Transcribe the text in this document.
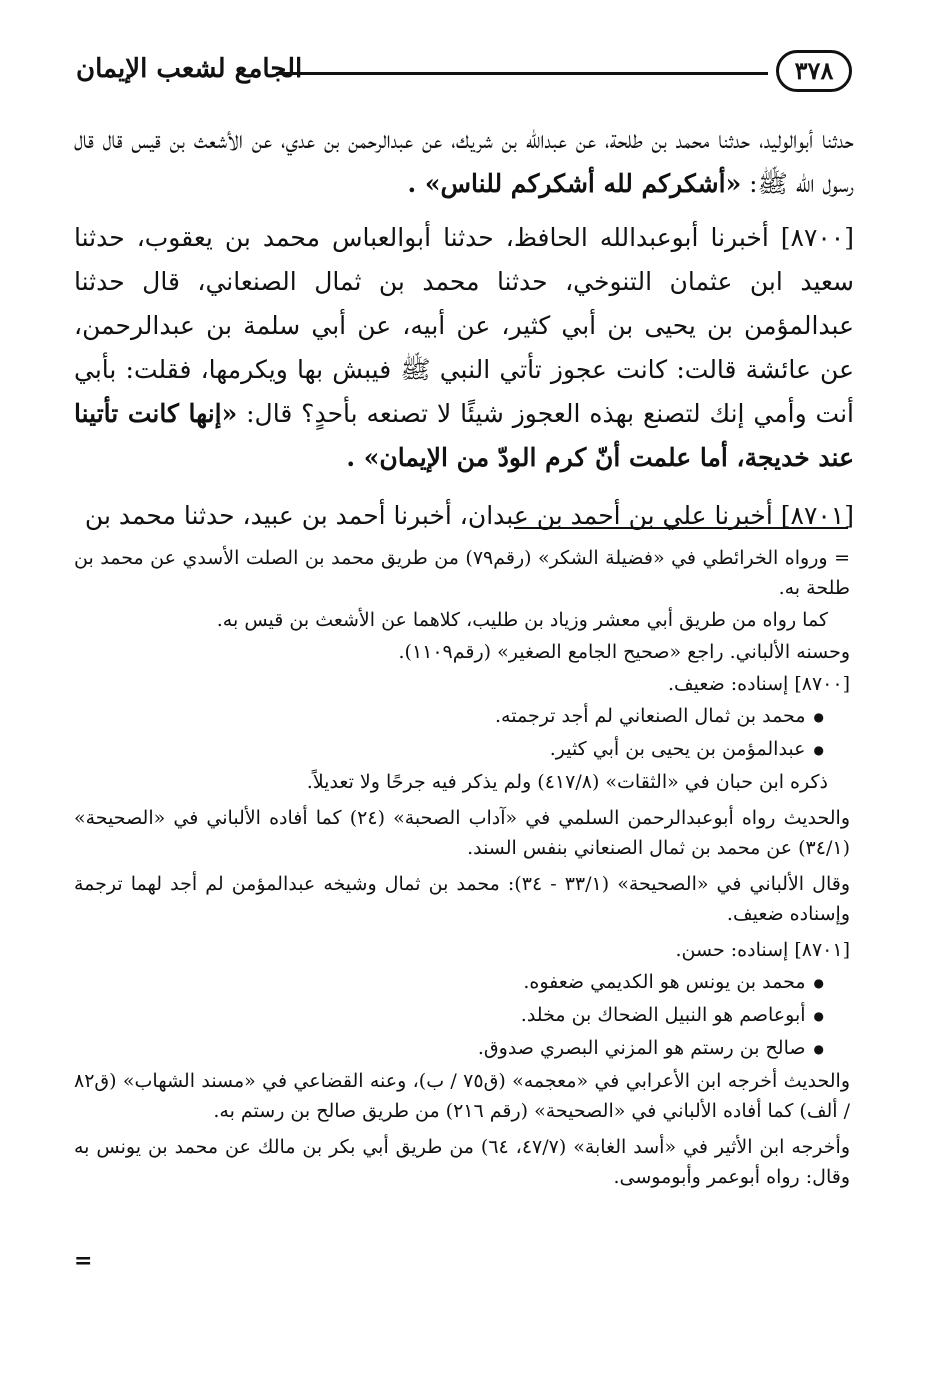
الجامع لشعب الإيمان	٣٧٨

حدثنا أبوالوليد، حدثنا محمد بن طلحة، عن عبدالله بن شريك، عن عبدالرحمن بن عدي، عن الأشعث بن قيس قال قال رسول الله ﷺ: «أشكركم لله أشكركم للناس» .

[٨٧٠٠] أخبرنا أبوعبدالله الحافظ، حدثنا أبوالعباس محمد بن يعقوب، حدثنا سعيد ابن عثمان التنوخي، حدثنا محمد بن ثمال الصنعاني، قال حدثنا عبدالمؤمن بن يحيى بن أبي كثير، عن أبيه، عن أبي سلمة بن عبدالرحمن، عن عائشة قالت: كانت عجوز تأتي النبي ﷺ فيبش بها ويكرمها، فقلت: بأبي أنت وأمي إنك لتصنع بهذه العجوز شيئًا لا تصنعه بأحدٍ؟ قال: «إنها كانت تأتينا عند خديجة، أما علمت أنّ كرم الودّ من الإيمان» .

[٨٧٠١] أخبرنا علي بن أحمد بن عبدان، أخبرنا أحمد بن عبيد، حدثنا محمد بن

= ورواه الخرائطي في «فضيلة الشكر» (رقم٧٩) من طريق محمد بن الصلت الأسدي عن محمد بن طلحة به.

كما رواه من طريق أبي معشر وزياد بن طليب، كلاهما عن الأشعث بن قيس به.

وحسنه الألباني. راجع «صحيح الجامع الصغير» (رقم١١٠٩).

[٨٧٠٠] إسناده: ضعيف.

● محمد بن ثمال الصنعاني لم أجد ترجمته.

● عبدالمؤمن بن يحيى بن أبي كثير.

ذكره ابن حبان في «الثقات» (٤١٧/٨) ولم يذكر فيه جرحًا ولا تعديلاً.

والحديث رواه أبوعبدالرحمن السلمي في «آداب الصحبة» (٢٤) كما أفاده الألباني في «الصحيحة» (٣٤/١) عن محمد بن ثمال الصنعاني بنفس السند.

وقال الألباني في «الصحيحة» (٣٣/١ - ٣٤): محمد بن ثمال وشيخه عبدالمؤمن لم أجد لهما ترجمة وإسناده ضعيف.

[٨٧٠١] إسناده: حسن.

● محمد بن يونس هو الكديمي ضعفوه.

● أبوعاصم هو النبيل الضحاك بن مخلد.

● صالح بن رستم هو المزني البصري صدوق.

والحديث أخرجه ابن الأعرابي في «معجمه» (ق٧٥ / ب)، وعنه القضاعي في «مسند الشهاب» (ق٨٢ / ألف) كما أفاده الألباني في «الصحيحة» (رقم ٢١٦) من طريق صالح بن رستم به.

وأخرجه ابن الأثير في «أسد الغابة» (٤٧/٧، ٦٤) من طريق أبي بكر بن مالك عن محمد بن يونس به وقال: رواه أبوعمر وأبوموسى.

=
